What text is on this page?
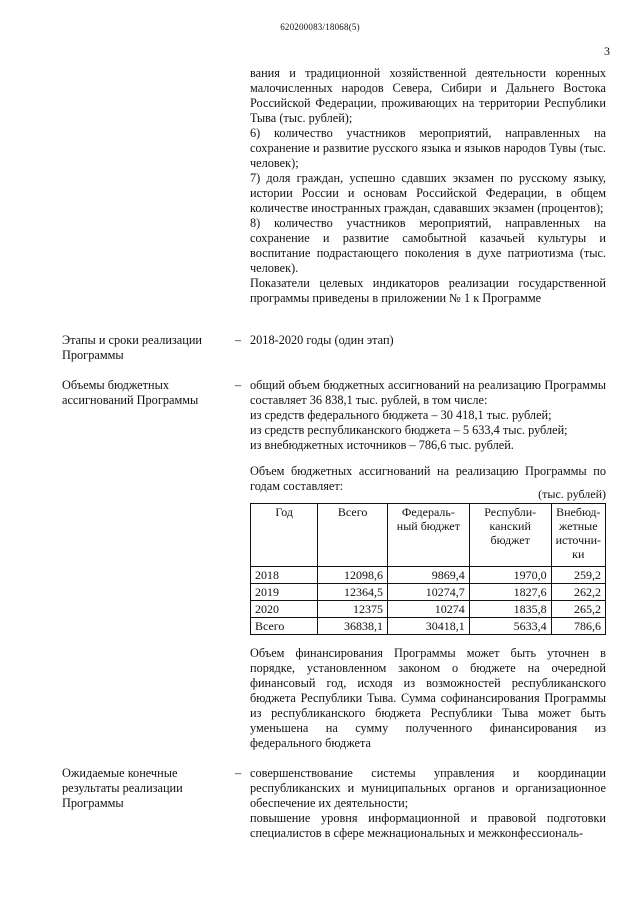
620200083/18068(5)
3

вания и традиционной хозяйственной деятельности коренных малочисленных народов Севера, Сибири и Дальнего Востока Российской Федерации, проживающих на территории Республики Тыва (тыс. рублей);

6) количество участников мероприятий, направленных на сохранение и развитие русского языка и языков народов Тувы (тыс. человек);

7) доля граждан, успешно сдавших экзамен по русскому языку, истории России и основам Российской Федерации, в общем количестве иностранных граждан, сдававших экзамен (процентов);

8) количество участников мероприятий, направленных на сохранение и развитие самобытной казачьей культуры и воспитание подрастающего поколения в духе патриотизма (тыс. человек).

Показатели целевых индикаторов реализации государственной программы приведены в приложении № 1 к Программе

Этапы и сроки реализации Программы
– 2018-2020 годы (один этап)
Объемы бюджетных ассигнований Программы
– общий объем бюджетных ассигнований на реализацию Программы составляет 36 838,1 тыс. рублей, в том числе:

из средств федерального бюджета – 30 418,1 тыс. рублей;

из средств республиканского бюджета – 5 633,4 тыс. рублей;

из внебюджетных источников – 786,6 тыс. рублей.

Объем бюджетных ассигнований на реализацию Программы по годам составляет:
(тыс. рублей)
Год	Всего	Федераль-ный бюджет	Республи-канский бюджет	Внебюд-жетные источни-ки
2018	12098,6	9869,4	1970,0	259,2
2019	12364,5	10274,7	1827,6	262,2
2020	12375	10274	1835,8	265,2
Всего	36838,1	30418,1	5633,4	786,6
Объем финансирования Программы может быть уточнен в порядке, установленном законом о бюджете на очередной финансовый год, исходя из возможностей республиканского бюджета Республики Тыва. Сумма софинансирования Программы из республиканского бюджета Республики Тыва может быть уменьшена на сумму полученного финансирования из федерального бюджета
Ожидаемые конечные результаты реализации Программы
– совершенствование системы управления и координации республиканских и муниципальных органов и организационное обеспечение их деятельности;

повышение уровня информационной и правовой подготовки специалистов в сфере межнациональных и межконфессиональ-
